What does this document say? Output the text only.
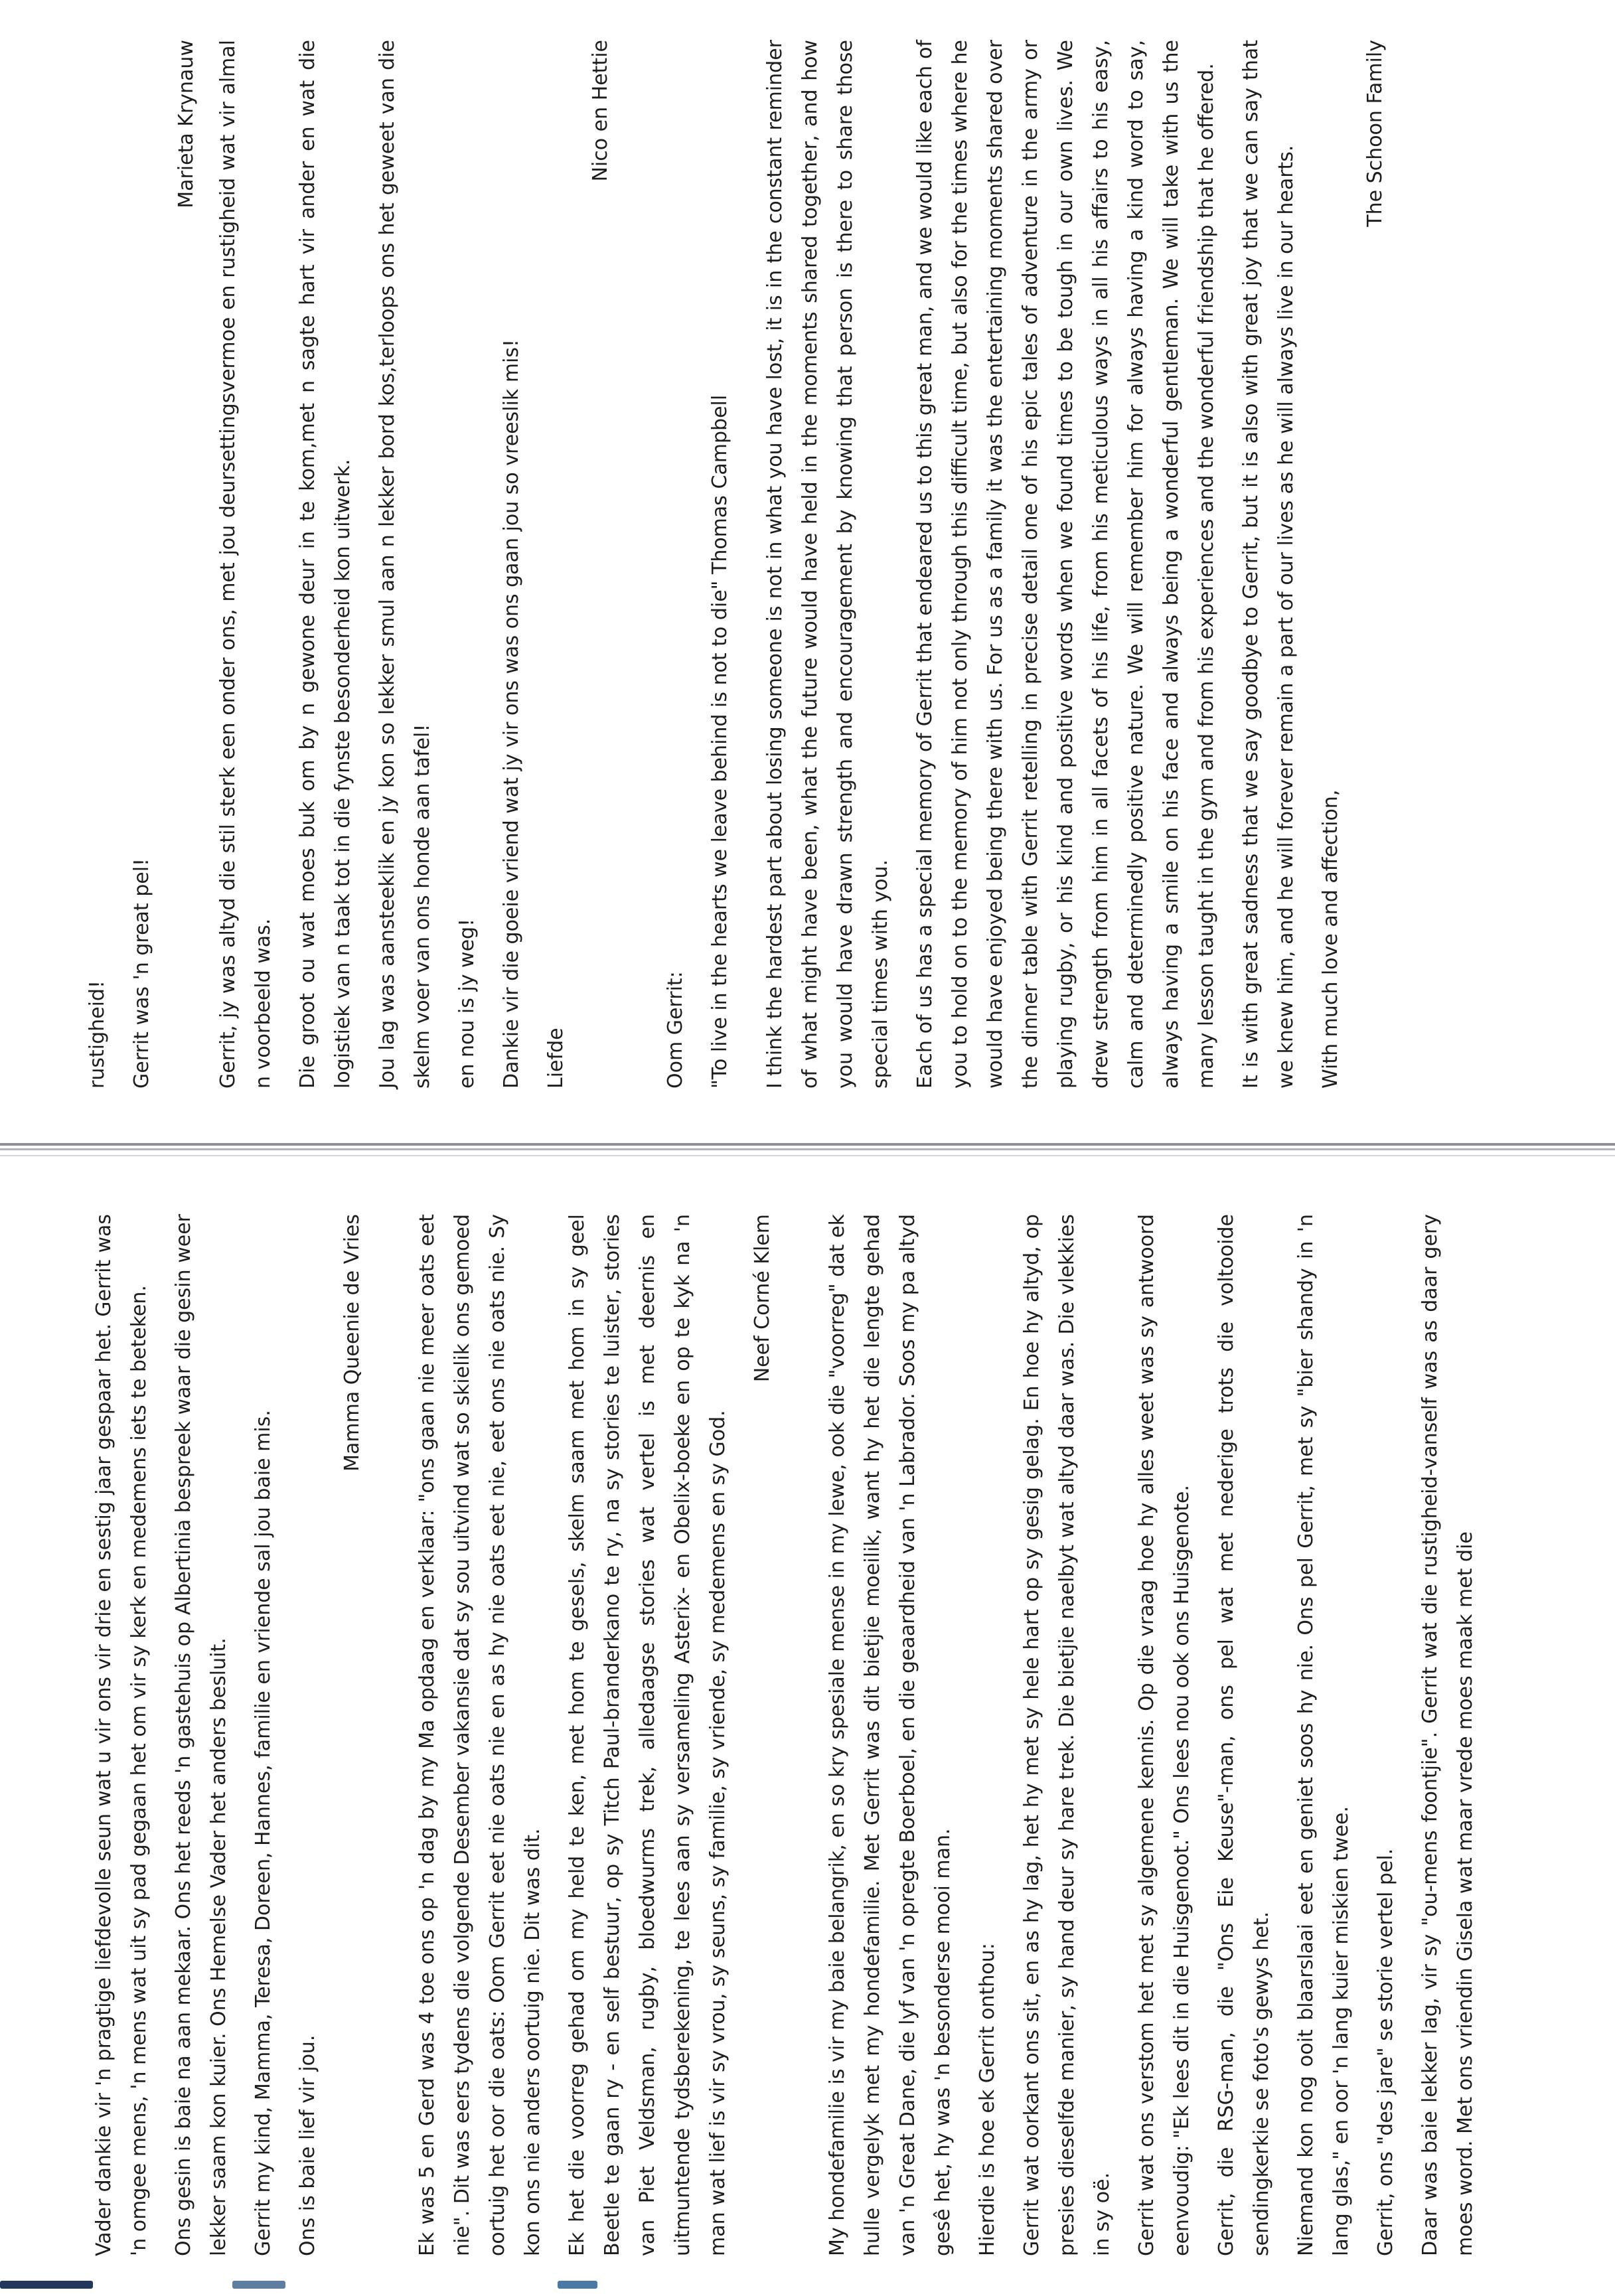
rustigheid!	Gerrit was 'n great pel!

Marieta Krynauw Gerrit, jy was altyd die stil sterk een onder ons, met jou deursettingsvermoe en rustigheid wat vir almal n voorbeeld was.	Die groot ou wat moes buk om by n gewone deur in te kom,met n sagte hart vir ander en wat die logistiek van n taak tot in die fynste besonderheid kon uitwerk.	Jou lag was aansteeklik en jy kon so lekker smul aan n lekker bord kos,terloops ons het geweet van die skelm voer van ons honde aan tafel!	en nou is jy weg!	Dankie vir die goeie vriend wat jy vir ons was ons gaan jou so vreeslik mis!	Liefde

Nico en Hettie

Oom Gerrit:	"To live in the hearts we leave behind is not to die" Thomas Campbell	I think the hardest part about losing someone is not in what you have lost, it is in the constant reminder of what might have been, what the future would have held in the moments shared together, and how you would have drawn strength and encouragement by knowing that person is there to share those special times with you.	Each of us has a special memory of Gerrit that endeared us to this great man, and we would like each of you to hold on to the memory of him not only through this difficult time, but also for the times where he would have enjoyed being there with us. For us as a family it was the entertaining moments shared over the dinner table with Gerrit retelling in precise detail one of his epic tales of adventure in the army or playing rugby, or his kind and positive words when we found times to be tough in our own lives. We drew strength from him in all facets of his life, from his meticulous ways in all his affairs to his easy, calm and determinedly positive nature. We will remember him for always having a kind word to say, always having a smile on his face and always being a wonderful gentleman. We will take with us the many lesson taught in the gym and from his experiences and the wonderful friendship that he offered.	It is with great sadness that we say goodbye to Gerrit, but it is also with great joy that we can say that we knew him, and he will forever remain a part of our lives as he will always live in our hearts.	With much love and affection,

The Schoon Family

Vader dankie vir 'n pragtige liefdevolle seun wat u vir ons vir drie en sestig jaar gespaar het. Gerrit was 'n omgee mens, 'n mens wat uit sy pad gegaan het om vir sy kerk en medemens iets te beteken.	Ons gesin is baie na aan mekaar. Ons het reeds 'n gastehuis op Albertinia bespreek waar die gesin weer lekker saam kon kuier. Ons Hemelse Vader het anders besluit.	Gerrit my kind, Mamma, Teresa, Doreen, Hannes, familie en vriende sal jou baie mis.	Ons is baie lief vir jou.

Mamma Queenie de Vries	Ek was 5 en Gerd was 4 toe ons op 'n dag by my Ma opdaag en verklaar: "ons gaan nie meer oats eet nie". Dit was eers tydens die volgende Desember vakansie dat sy sou uitvind wat so skielik ons gemoed oortuig het oor die oats: Oom Gerrit eet nie oats nie en as hy nie oats eet nie, eet ons nie oats nie. Sy kon ons nie anders oortuig nie. Dit was dit.	Ek het die voorreg gehad om my held te ken, met hom te gesels, skelm saam met hom in sy geel Beetle te gaan ry - en self bestuur, op sy Titch Paul-branderkano te ry, na sy stories te luister, stories van Piet Veldsman, rugby, bloedwurms trek, alledaagse stories wat vertel is met deernis en uitmuntende tydsberekening, te lees aan sy versameling Asterix- en Obelix-boeke en op te kyk na 'n man wat lief is vir sy vrou, sy seuns, sy familie, sy vriende, sy medemens en sy God.

Neef Corné Klem	My hondefamilie is vir my baie belangrik, en so kry spesiale mense in my lewe, ook die "voorreg" dat ek hulle vergelyk met my hondefamilie. Met Gerrit was dit bietjie moeilik, want hy het die lengte gehad van 'n Great Dane, die lyf van 'n opregte Boerboel, en die geaardheid van 'n Labrador. Soos my pa altyd gesê het, hy was 'n besonderse mooi man.	Hierdie is hoe ek Gerrit onthou:	Gerrit wat oorkant ons sit, en as hy lag, het hy met sy hele hart op sy gesig gelag. En hoe hy altyd, op presies dieselfde manier, sy hand deur sy hare trek. Die bietjie naelbyt wat altyd daar was. Die vlekkies in sy oë.	Gerrit wat ons verstom het met sy algemene kennis. Op die vraag hoe hy alles weet was sy antwoord eenvoudig: "Ek lees dit in die Huisgenoot." Ons lees nou ook ons Huisgenote.	Gerrit, die RSG-man, die "Ons Eie Keuse"-man, ons pel wat met nederige trots die voltooide sendingkerkie se foto's gewys het.	Niemand kon nog ooit blaarslaai eet en geniet soos hy nie. Ons pel Gerrit, met sy "bier shandy in 'n lang glas," en oor 'n lang kuier miskien twee.	Gerrit, ons "des jare" se storie vertel pel.	Daar was baie lekker lag, vir sy "ou-mens foontjie". Gerrit wat die rustigheid-vanself was as daar gery moes word. Met ons vriendin Gisela wat maar vrede moes maak met die
